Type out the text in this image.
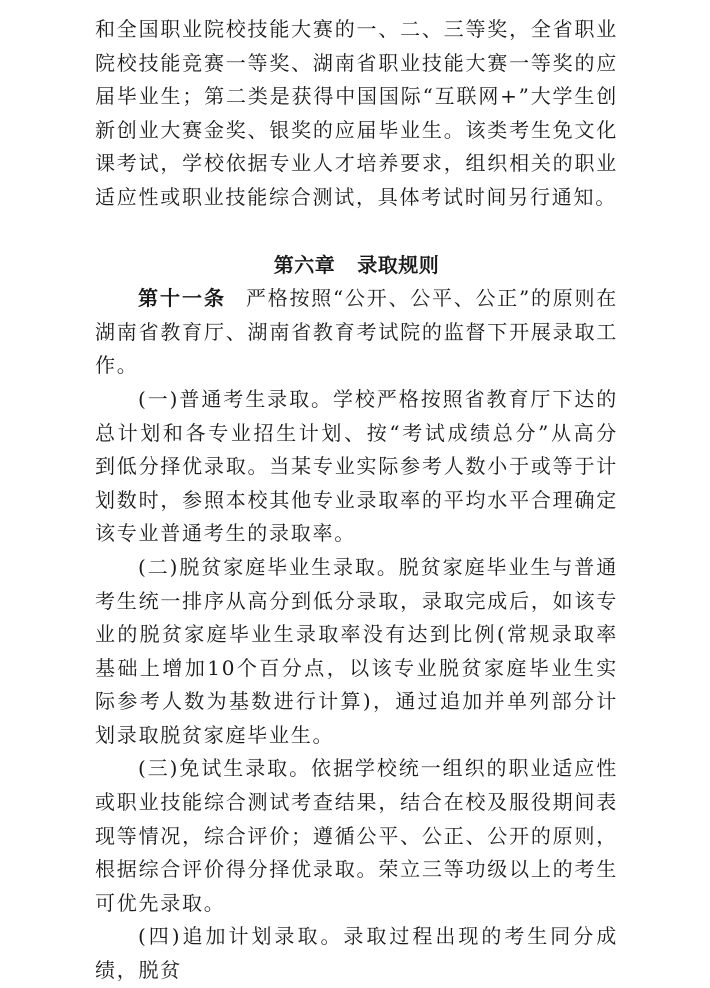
和全国职业院校技能大赛的一、二、三等奖，全省职业院校技能竞赛一等奖、湖南省职业技能大赛一等奖的应届毕业生；第二类是获得中国国际“互联网+”大学生创新创业大赛金奖、银奖的应届毕业生。该类考生免文化课考试，学校依据专业人才培养要求，组织相关的职业适应性或职业技能综合测试，具体考试时间另行通知。

第六章 录取规则

第十一条 严格按照“公开、公平、公正”的原则在湖南省教育厅、湖南省教育考试院的监督下开展录取工作。

(一)普通考生录取。学校严格按照省教育厅下达的总计划和各专业招生计划、按“考试成绩总分”从高分到低分择优录取。当某专业实际参考人数小于或等于计划数时，参照本校其他专业录取率的平均水平合理确定该专业普通考生的录取率。

(二)脱贫家庭毕业生录取。脱贫家庭毕业生与普通考生统一排序从高分到低分录取，录取完成后，如该专业的脱贫家庭毕业生录取率没有达到比例(常规录取率基础上增加10个百分点，以该专业脱贫家庭毕业生实际参考人数为基数进行计算)，通过追加并单列部分计划录取脱贫家庭毕业生。

(三)免试生录取。依据学校统一组织的职业适应性或职业技能综合测试考查结果，结合在校及服役期间表现等情况，综合评价；遵循公平、公正、公开的原则，根据综合评价得分择优录取。荣立三等功级以上的考生可优先录取。

(四)追加计划录取。录取过程出现的考生同分成绩，脱贫
